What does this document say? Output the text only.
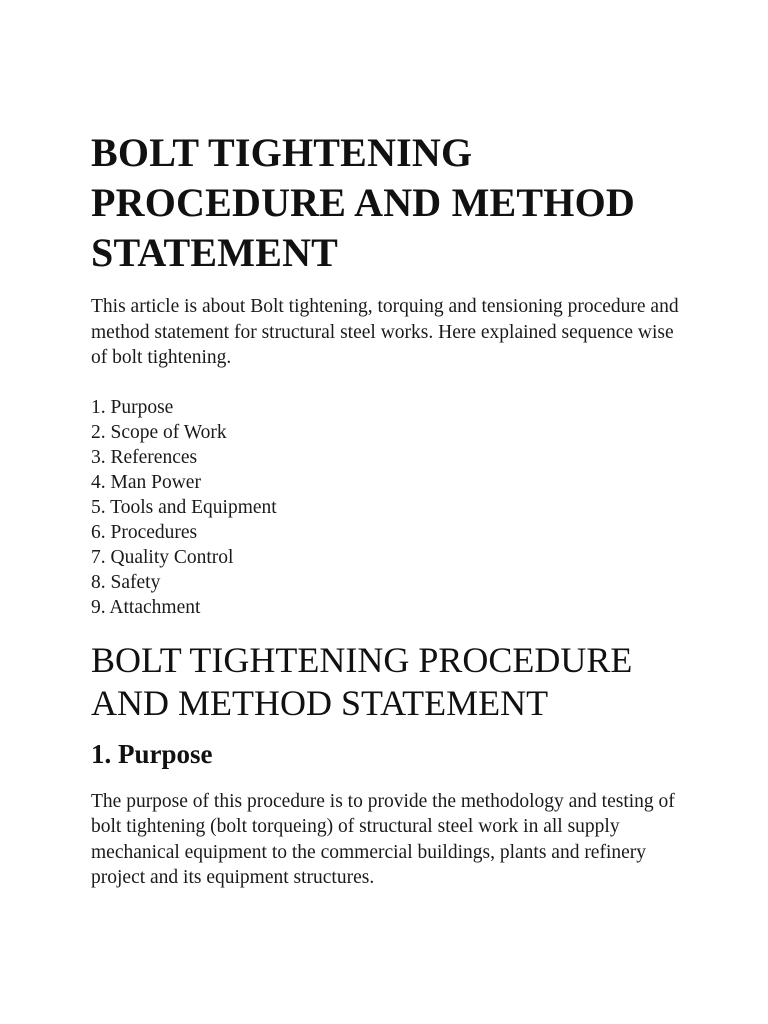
BOLT TIGHTENING PROCEDURE AND METHOD STATEMENT

This article is about Bolt tightening, torquing and tensioning procedure and method statement for structural steel works. Here explained sequence wise of bolt tightening.

1. Purpose
2. Scope of Work
3. References
4. Man Power
5. Tools and Equipment
6. Procedures
7. Quality Control
8. Safety
9. Attachment
BOLT TIGHTENING PROCEDURE AND METHOD STATEMENT
1. Purpose

The purpose of this procedure is to provide the methodology and testing of bolt tightening (bolt torqueing) of structural steel work in all supply mechanical equipment to the commercial buildings, plants and refinery project and its equipment structures.
